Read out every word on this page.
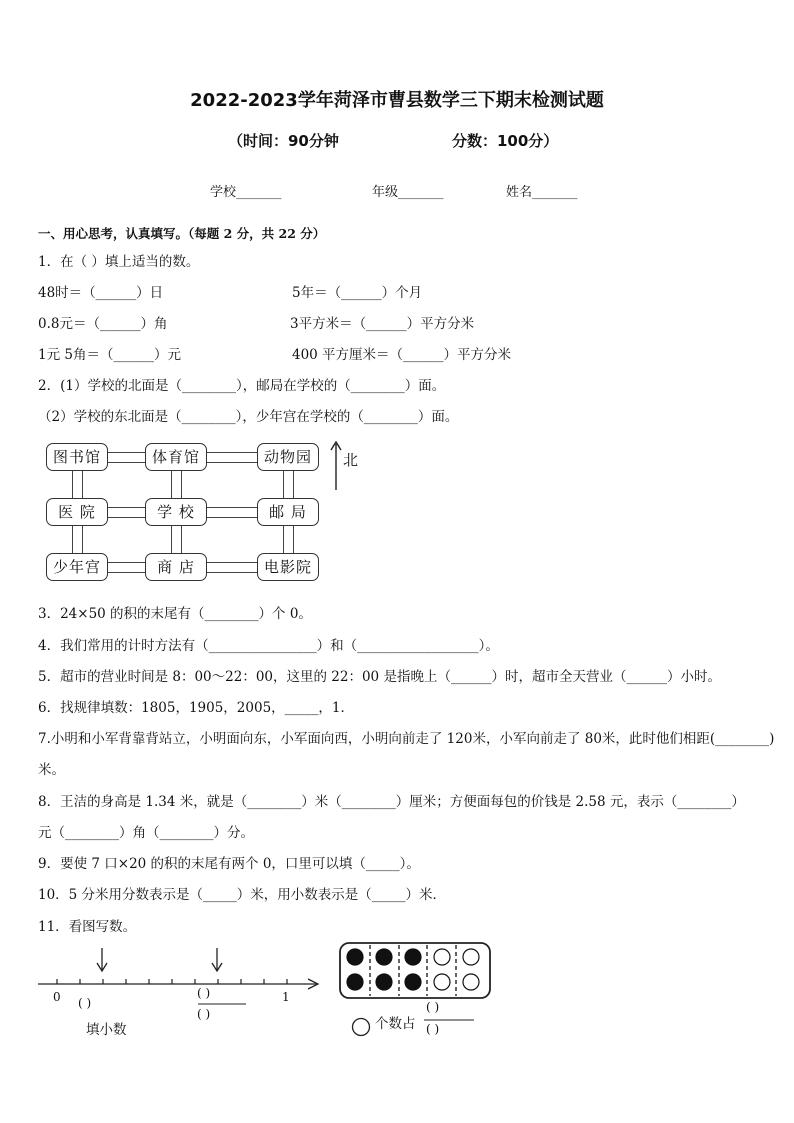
2022-2023学年菏泽市曹县数学三下期末检测试题
（时间：90分钟	分数：100分）
学校_______	年级_______	姓名_______
一、用心思考，认真填写。（每题 2 分，共 22 分）
1．在（ ）填上适当的数。
48时＝（______）日	5年＝（______）个月
0.8元＝（______）角	3平方米＝（______）平方分米
1元 5角＝（______）元	400 平方厘米＝（______）平方分米
2．(1）学校的北面是（________），邮局在学校的（________）面。
（2）学校的东北面是（________），少年宫在学校的（________）面。
图书馆	体育馆	动物园
医 院	学 校	邮 局
少年宫	商 店	电影院
北
3．24×50 的积的末尾有（________）个 0。
4．我们常用的计时方法有（________________）和（__________________）。
5．超市的营业时间是 8：00～22：00，这里的 22：00 是指晚上（______）时，超市全天营业（______）小时。
6．找规律填数：1805，1905，2005，_____，1．
7.小明和小军背靠背站立，小明面向东，小军面向西，小明向前走了 120米，小军向前走了 80米，此时他们相距(________)
米。
8．王洁的身高是 1.34 米，就是（________）米（________）厘米；方便面每包的价钱是 2.58 元，表示（________）
元（________）角（________）分。
9．要使 7 口×20 的积的末尾有两个 0，口里可以填（_____）。
10．5 分米用分数表示是（_____）米，用小数表示是（_____）米．
11．看图写数。
0	1
( )
( )
( )
填小数	个数占
( )
( )
